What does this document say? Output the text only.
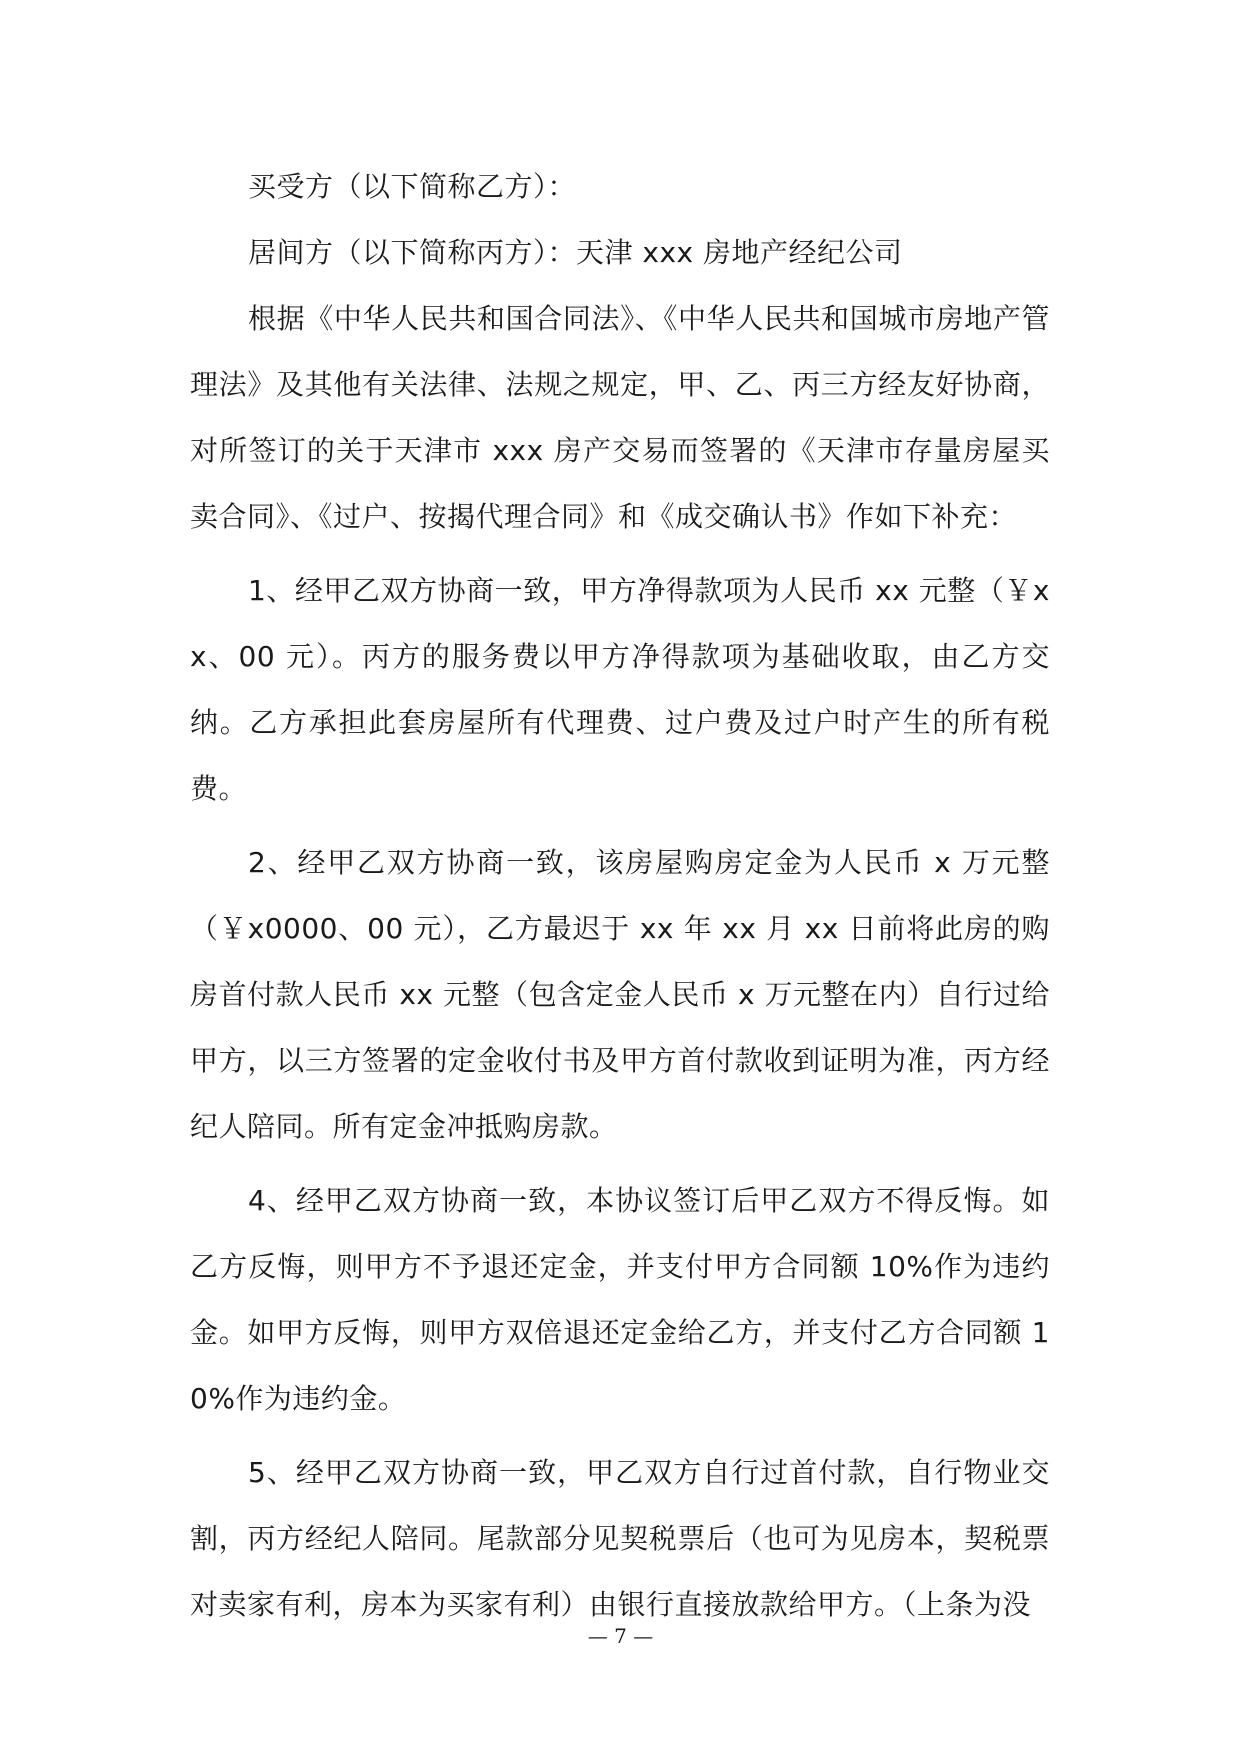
买受方（以下简称乙方）：

居间方（以下简称丙方）：天津 xxx 房地产经纪公司

根据《中华人民共和国合同法》、《中华人民共和国城市房地产管理法》及其他有关法律、法规之规定，甲、乙、丙三方经友好协商，对所签订的关于天津市 xxx 房产交易而签署的《天津市存量房屋买卖合同》、《过户、按揭代理合同》和《成交确认书》作如下补充：

1、经甲乙双方协商一致，甲方净得款项为人民币 xx 元整（￥xx、00 元）。丙方的服务费以甲方净得款项为基础收取，由乙方交纳。乙方承担此套房屋所有代理费、过户费及过户时产生的所有税费。

2、经甲乙双方协商一致，该房屋购房定金为人民币 x 万元整（￥x0000、00 元），乙方最迟于 xx 年 xx 月 xx 日前将此房的购房首付款人民币 xx 元整（包含定金人民币 x 万元整在内）自行过给甲方，以三方签署的定金收付书及甲方首付款收到证明为准，丙方经纪人陪同。所有定金冲抵购房款。

4、经甲乙双方协商一致，本协议签订后甲乙双方不得反悔。如乙方反悔，则甲方不予退还定金，并支付甲方合同额 10%作为违约金。如甲方反悔，则甲方双倍退还定金给乙方，并支付乙方合同额 10%作为违约金。

5、经甲乙双方协商一致，甲乙双方自行过首付款，自行物业交割，丙方经纪人陪同。尾款部分见契税票后（也可为见房本，契税票对卖家有利，房本为买家有利）由银行直接放款给甲方。（上条为没

— 7 —
